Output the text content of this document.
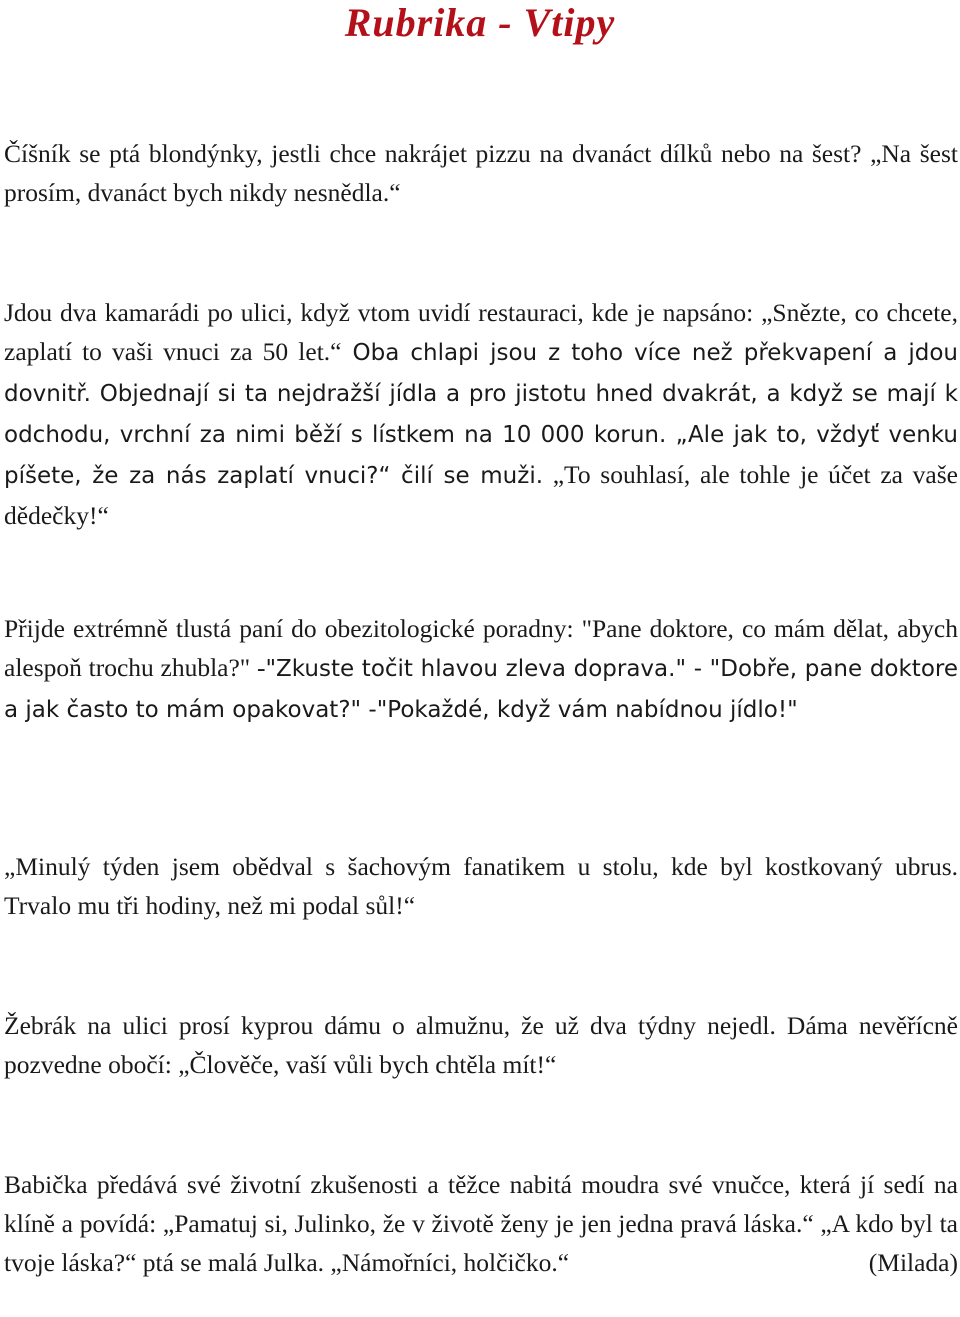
Rubrika - Vtipy

Číšník se ptá blondýnky, jestli chce nakrájet pizzu na dvanáct dílků nebo na šest? „Na šest prosím, dvanáct bych nikdy nesnědla.“

Jdou dva kamarádi po ulici, když vtom uvidí restauraci, kde je napsáno: „Snězte, co chcete, zaplatí to vaši vnuci za 50 let.“ Oba chlapi jsou z toho více než překvapení a jdou dovnitř. Objednají si ta nejdražší jídla a pro jistotu hned dvakrát, a když se mají k odchodu, vrchní za nimi běží s lístkem na 10 000 korun. „Ale jak to, vždyť venku píšete, že za nás zaplatí vnuci?“ čilí se muži. „To souhlasí, ale tohle je účet za vaše dědečky!“

Přijde extrémně tlustá paní do obezitologické poradny: "Pane doktore, co mám dělat, abych alespoň trochu zhubla?" -"Zkuste točit hlavou zleva doprava." - "Dobře, pane doktore a jak často to mám opakovat?" -"Pokaždé, když vám nabídnou jídlo!"

„Minulý týden jsem obědval s šachovým fanatikem u stolu, kde byl kostkovaný ubrus. Trvalo mu tři hodiny, než mi podal sůl!“

Žebrák na ulici prosí kyprou dámu o almužnu, že už dva týdny nejedl. Dáma nevěřícně pozvedne obočí: „Člověče, vaší vůli bych chtěla mít!“

Babička předává své životní zkušenosti a těžce nabitá moudra své vnučce, která jí sedí na klíně a povídá: „Pamatuj si, Julinko, že v životě ženy je jen jedna pravá láska.“ „A kdo byl ta tvoje láska?“ ptá se malá Julka. „Námořníci, holčičko.“	(Milada)
